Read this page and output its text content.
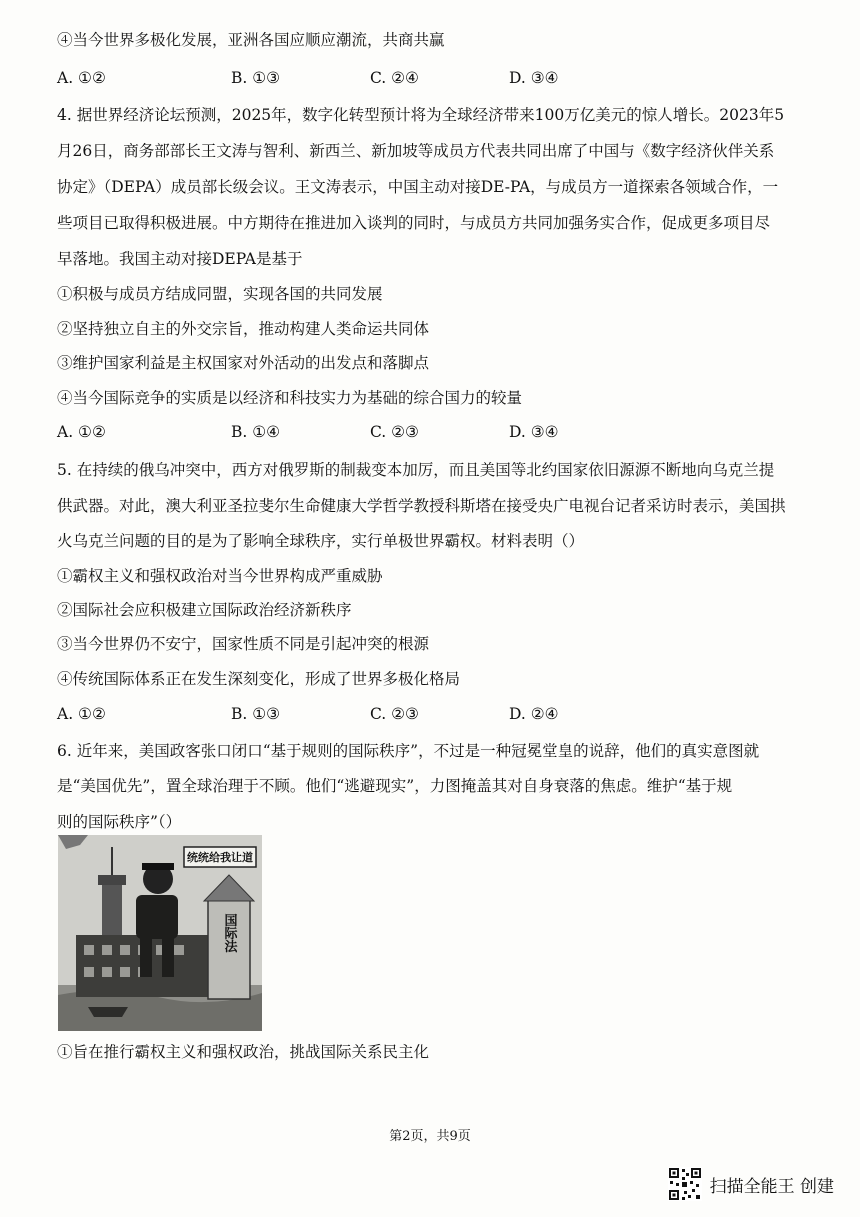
④当今世界多极化发展，亚洲各国应顺应潮流，共商共赢
A. ①②	B. ①③	C. ②④	D. ③④
4. 据世界经济论坛预测，2025年，数字化转型预计将为全球经济带来100万亿美元的惊人增长。2023年5
月26日，商务部部长王文涛与智利、新西兰、新加坡等成员方代表共同出席了中国与《数字经济伙伴关系
协定》（DEPA）成员部长级会议。王文涛表示，中国主动对接DE-PA，与成员方一道探索各领域合作，一
些项目已取得积极进展。中方期待在推进加入谈判的同时，与成员方共同加强务实合作，促成更多项目尽
早落地。我国主动对接DEPA是基于
①积极与成员方结成同盟，实现各国的共同发展
②坚持独立自主的外交宗旨，推动构建人类命运共同体
③维护国家利益是主权国家对外活动的出发点和落脚点
④当今国际竞争的实质是以经济和科技实力为基础的综合国力的较量
A. ①②	B. ①④	C. ②③	D. ③④
5. 在持续的俄乌冲突中，西方对俄罗斯的制裁变本加厉，而且美国等北约国家依旧源源不断地向乌克兰提
供武器。对此，澳大利亚圣拉斐尔生命健康大学哲学教授科斯塔在接受央广电视台记者采访时表示，美国拱
火乌克兰问题的目的是为了影响全球秩序，实行单极世界霸权。材料表明（）
①霸权主义和强权政治对当今世界构成严重威胁
②国际社会应积极建立国际政治经济新秩序
③当今世界仍不安宁，国家性质不同是引起冲突的根源
④传统国际体系正在发生深刻变化，形成了世界多极化格局
A. ①②	B. ①③	C. ②③	D. ②④
6. 近年来，美国政客张口闭口“基于规则的国际秩序”，不过是一种冠冕堂皇的说辞，他们的真实意图就
是“美国优先”，置全球治理于不顾。他们“逃避现实”，力图掩盖其对自身衰落的焦虑。维护“基于规
则的国际秩序”（）
统统给我让道
国际法
①旨在推行霸权主义和强权政治，挑战国际关系民主化
第2页，共9页
扫描全能王 创建
